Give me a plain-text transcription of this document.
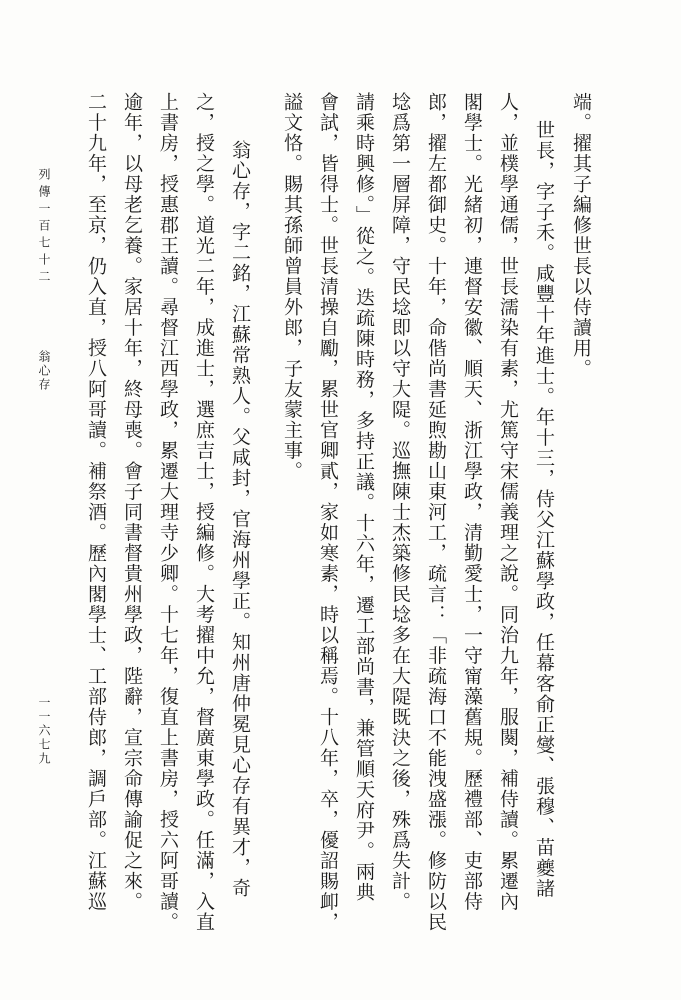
端。擢其子編修世長以侍讀用。
世長，字子禾。咸豐十年進士。年十三，侍父江蘇學政，任幕客俞正燮、張穆、苗夔諸
人，並樸學通儒，世長濡染有素，尤篤守宋儒義理之說。同治九年，服闋，補侍讀。累遷內
閣學士。光緒初，連督安徽、順天、浙江學政，清勤愛士，一守甯藻舊規。歷禮部、吏部侍
郎，擢左都御史。十年，命偕尚書延煦勘山東河工，疏言：「非疏海口不能洩盛漲。修防以民
埝爲第一層屏障，守民埝即以守大隄。巡撫陳士杰築修民埝多在大隄既決之後，殊爲失計。
請乘時興修。」從之。迭疏陳時務，多持正議。十六年，遷工部尚書，兼管順天府尹。兩典
會試，皆得士。世長清操自勵，累世官卿貳，家如寒素，時以稱焉。十八年，卒，優詔賜卹，
謚文恪。賜其孫師曾員外郎，子友蒙主事。
翁心存，字二銘，江蘇常熟人。父咸封，官海州學正。知州唐仲冕見心存有異才，奇
之，授之學。道光二年，成進士，選庶吉士，授編修。大考擢中允，督廣東學政。任滿，入直
上書房，授惠郡王讀。尋督江西學政，累遷大理寺少卿。十七年，復直上書房，授六阿哥讀。
逾年，以母老乞養。家居十年，終母喪。會子同書督貴州學政，陛辭，宣宗命傳諭促之來。
二十九年，至京，仍入直，授八阿哥讀。補祭酒。歷內閣學士、工部侍郎，調戶部。江蘇巡
列傳一百七十二
翁心存
一一六七九
